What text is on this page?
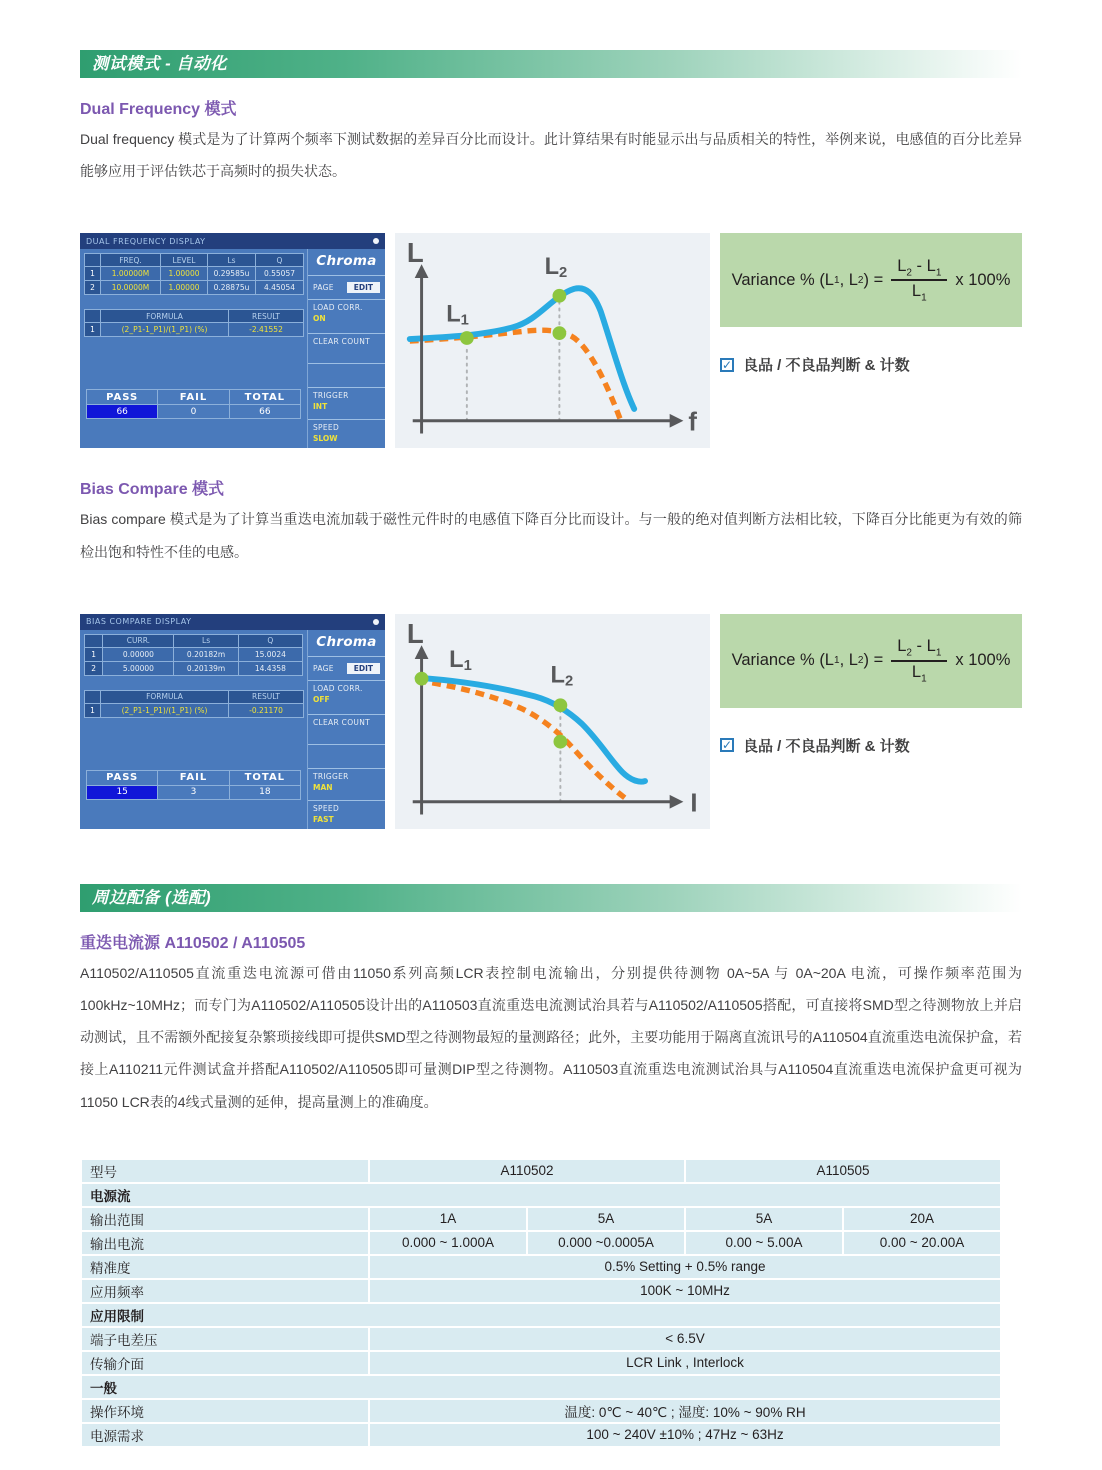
测试模式 - 自动化
Dual Frequency 模式

Dual frequency 模式是为了计算两个频率下测试数据的差异百分比而设计。此计算结果有时能显示出与品质相关的特性，举例来说，电感值的百分比差异能够应用于评估铁芯于高频时的损失状态。

DUAL FREQUENCY DISPLAY
	FREQ.	LEVEL	Ls	Q
1	1.00000M	1.00000	0.29585u	0.55057
2	10.0000M	1.00000	0.28875u	4.45054
	FORMULA	RESULT
1	(2_P1-1_P1)/(1_P1) (%)	-2.41552
PASS	FAIL	TOTAL
66	0	66
Chroma
PAGE	EDIT
LOAD CORR.
ON
CLEAR COUNT
TRIGGER
INT
SPEED
SLOW
L
f
L1
L2	Variance % (L 1 , L 2 ) = $\frac{L_2 - L_1}{L_1}$ x 100%
✓ 良品 / 不良品判断 & 计数
Bias Compare 模式

Bias compare 模式是为了计算当重迭电流加载于磁性元件时的电感值下降百分比而设计。与一般的绝对值判断方法相比较，下降百分比能更为有效的筛检出饱和特性不佳的电感。

BIAS COMPARE DISPLAY
	CURR.	Ls	Q
1	0.00000	0.20182m	15.0024
2	5.00000	0.20139m	14.4358
	FORMULA	RESULT
1	(2_P1-1_P1)/(1_P1) (%)	-0.21170
PASS	FAIL	TOTAL
15	3	18
Chroma
PAGE	EDIT
LOAD CORR.
OFF
CLEAR COUNT
TRIGGER
MAN
SPEED
FAST
L
I
L1	L2
Variance % (L 1 , L 2 ) = $\frac{L_2 - L_1}{L_1}$ x 100%
✓ 良品 / 不良品判断 & 计数
周边配备 (选配)
重迭电流源 A110502 / A110505

A110502/A110505直流重迭电流源可借由11050系列高频LCR表控制电流输出，分别提供待测物 0A~5A 与 0A~20A 电流，可操作频率范围为100kHz~10MHz；而专门为A110502/A110505设计出的A110503直流重迭电流测试治具若与A110502/A110505搭配，可直接将SMD型之待测物放上并启动测试，且不需额外配接复杂繁琐接线即可提供SMD型之待测物最短的量测路径；此外，主要功能用于隔离直流讯号的A110504直流重迭电流保护盒，若接上A110211元件测试盒并搭配A110502/A110505即可量测DIP型之待测物。A110503直流重迭电流测试治具与A110504直流重迭电流保护盒更可视为11050 LCR表的4线式量测的延伸，提高量测上的准确度。

型号	A110502		A110505	
电源流				
输出范围	1A	5A	5A	20A
输出电流	0.000 ~ 1.000A	0.000 ~0.0005A	0.00 ~ 5.00A	0.00 ~ 20.00A
精准度	0.5% Setting + 0.5% range			
应用频率	100K ~ 10MHz			
应用限制				
端子电差压	< 6.5V			
传输介面	LCR Link , Interlock			
一般				
操作环境	温度: 0℃ ~ 40℃ ; 湿度: 10% ~ 90% RH			
电源需求	100 ~ 240V ±10% ; 47Hz ~ 63Hz			
